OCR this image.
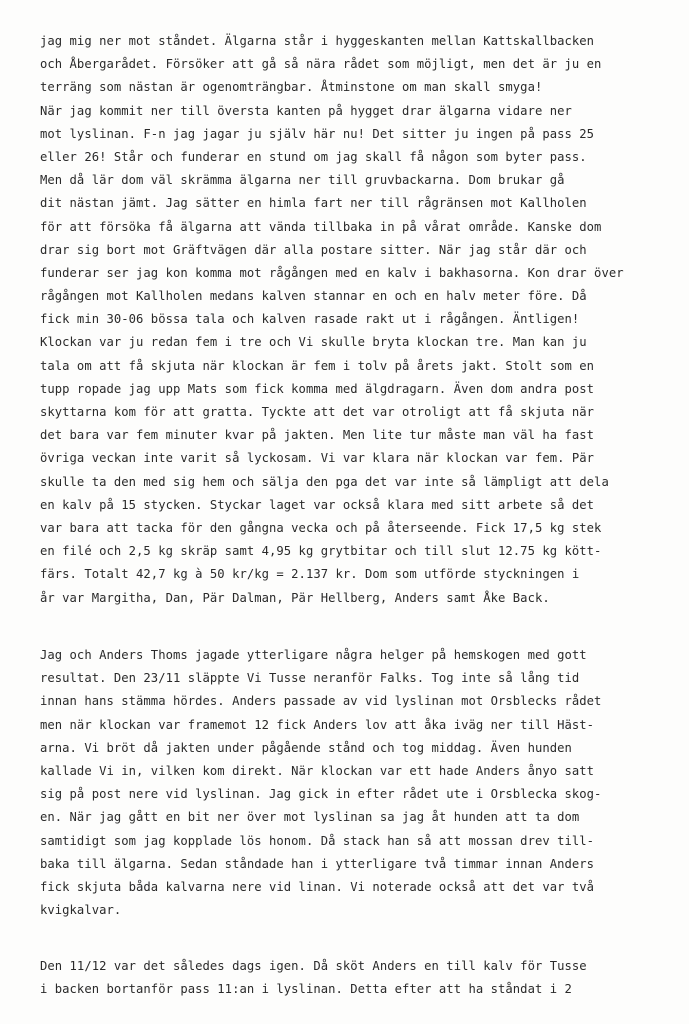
jag mig ner mot ståndet. Älgarna står i hyggeskanten mellan Kattskallbacken
och Åbergarådet. Försöker att gå så nära rådet som möjligt, men det är ju en
terräng som nästan är ogenomträngbar. Åtminstone om man skall smyga!
När jag kommit ner till översta kanten på hygget drar älgarna vidare ner
mot lyslinan. F-n jag jagar ju själv här nu! Det sitter ju ingen på pass 25
eller 26! Står och funderar en stund om jag skall få någon som byter pass.
Men då lär dom väl skrämma älgarna ner till gruvbackarna. Dom brukar gå
dit nästan jämt. Jag sätter en himla fart ner till rågränsen mot Kallholen
för att försöka få älgarna att vända tillbaka in på vårat område. Kanske dom
drar sig bort mot Gräftvägen där alla postare sitter. När jag står där och
funderar ser jag kon komma mot rågången med en kalv i bakhasorna. Kon drar över
rågången mot Kallholen medans kalven stannar en och en halv meter före. Då
fick min 30-06 bössa tala och kalven rasade rakt ut i rågången. Äntligen!
Klockan var ju redan fem i tre och Vi skulle bryta klockan tre. Man kan ju
tala om att få skjuta när klockan är fem i tolv på årets jakt. Stolt som en
tupp ropade jag upp Mats som fick komma med älgdragarn. Även dom andra post
skyttarna kom för att gratta. Tyckte att det var otroligt att få skjuta när
det bara var fem minuter kvar på jakten. Men lite tur måste man väl ha fast
övriga veckan inte varit så lyckosam. Vi var klara när klockan var fem. Pär
skulle ta den med sig hem och sälja den pga det var inte så lämpligt att dela
en kalv på 15 stycken. Styckar laget var också klara med sitt arbete så det
var bara att tacka för den gångna vecka och på återseende. Fick 17,5 kg stek
en filé och 2,5 kg skräp samt 4,95 kg grytbitar och till slut 12.75 kg kött-
färs. Totalt 42,7 kg à 50 kr/kg = 2.137 kr. Dom som utförde styckningen i
år var Margitha, Dan, Pär Dalman, Pär Hellberg, Anders samt Åke Back.
Jag och Anders Thoms jagade ytterligare några helger på hemskogen med gott
resultat. Den 23/11 släppte Vi Tusse neranför Falks. Tog inte så lång tid
innan hans stämma hördes. Anders passade av vid lyslinan mot Orsblecks rådet
men när klockan var framemot 12 fick Anders lov att åka iväg ner till Häst-
arna. Vi bröt då jakten under pågående stånd och tog middag. Även hunden
kallade Vi in, vilken kom direkt. När klockan var ett hade Anders ånyo satt
sig på post nere vid lyslinan. Jag gick in efter rådet ute i Orsblecka skog-
en. När jag gått en bit ner över mot lyslinan sa jag åt hunden att ta dom
samtidigt som jag kopplade lös honom. Då stack han så att mossan drev till-
baka till älgarna. Sedan ståndade han i ytterligare två timmar innan Anders
fick skjuta båda kalvarna nere vid linan. Vi noterade också att det var två
kvigkalvar.
Den 11/12 var det således dags igen. Då sköt Anders en till kalv för Tusse
i backen bortanför pass 11:an i lyslinan. Detta efter att ha ståndat i 2
